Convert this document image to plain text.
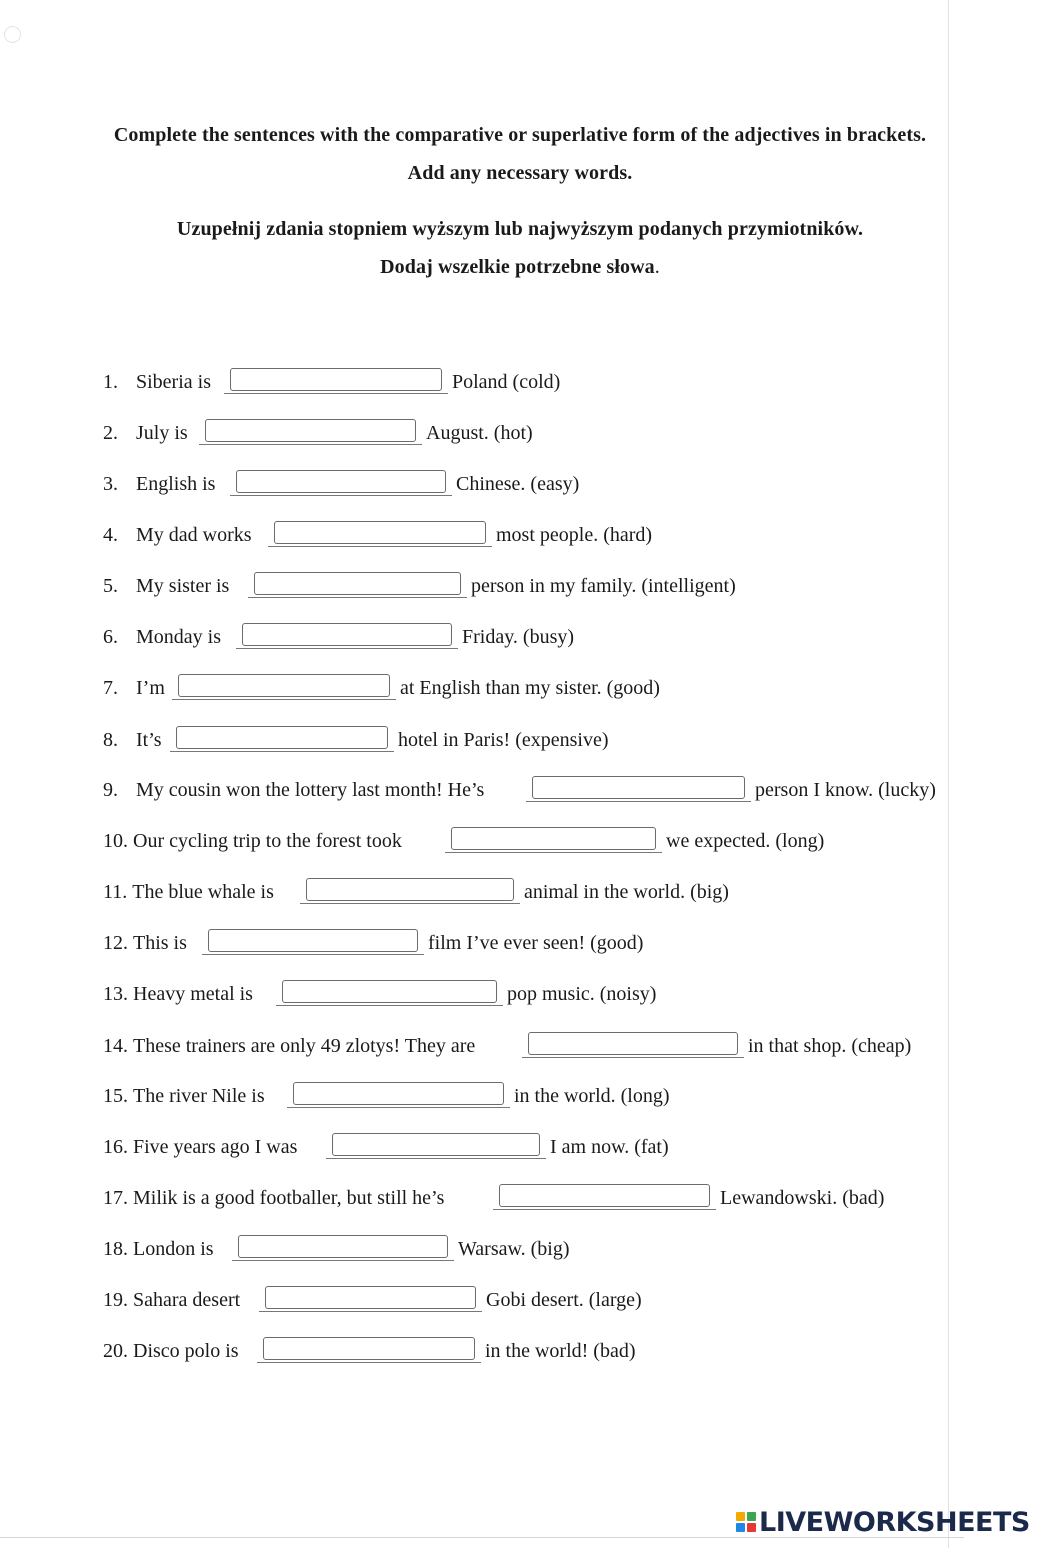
Complete the sentences with the comparative or superlative form of the adjectives in brackets.
Add any necessary words.
Uzupełnij zdania stopniem wyższym lub najwyższym podanych przymiotników.
Dodaj wszelkie potrzebne słowa.
1. Siberia is	Poland (cold)
2. July is	August. (hot)
3. English is	Chinese. (easy)
4. My dad works	most people. (hard)
5. My sister is	person in my family. (intelligent)
6. Monday is	Friday. (busy)
7. I’m	at English than my sister. (good)
8. It’s	hotel in Paris! (expensive)
9. My cousin won the lottery last month! He’s	person I know. (lucky)
10. Our cycling trip to the forest took	we expected. (long)
11. The blue whale is	animal in the world. (big)
12. This is	film I’ve ever seen! (good)
13. Heavy metal is	pop music. (noisy)
14. These trainers are only 49 zlotys! They are	in that shop. (cheap)
15. The river Nile is	in the world. (long)
16. Five years ago I was	I am now. (fat)
17. Milik is a good footballer, but still he’s	Lewandowski. (bad)
18. London is	Warsaw. (big)
19. Sahara desert	Gobi desert. (large)
20. Disco polo is	in the world! (bad)
LIVEWORKSHEETS
